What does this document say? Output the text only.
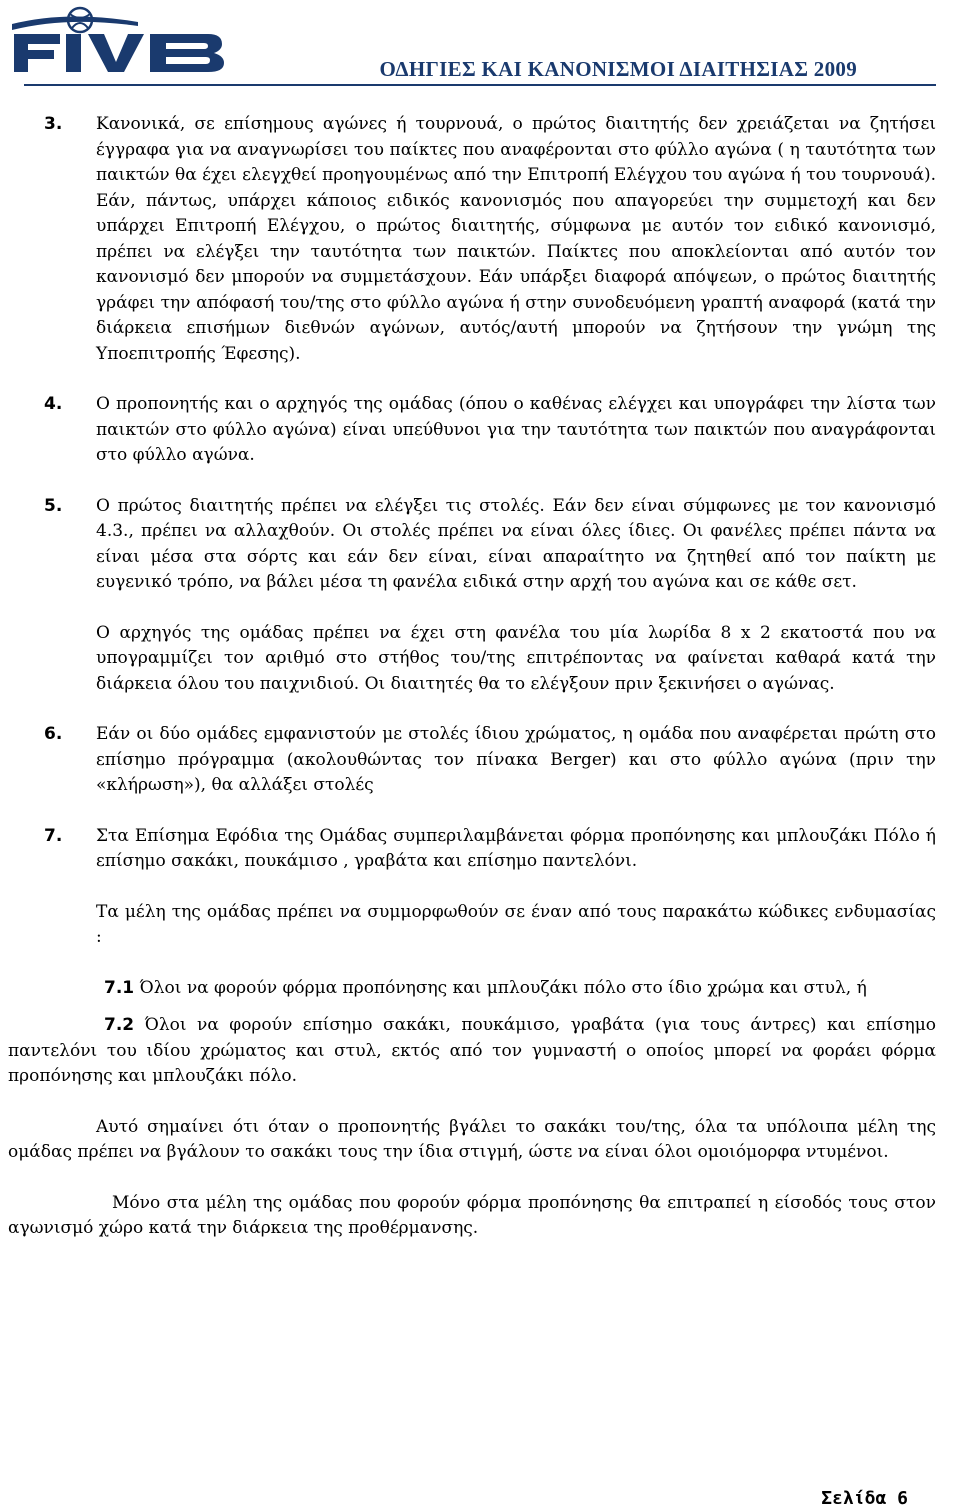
ΟΔΗΓΙΕΣ ΚΑΙ ΚΑΝΟΝΙΣΜΟΙ ΔΙΑΙΤΗΣΙΑΣ 2009

3. Κανονικά, σε επίσημους αγώνες ή τουρνουά, ο πρώτος διαιτητής δεν χρειάζεται να ζητήσει έγγραφα για να αναγνωρίσει του παίκτες που αναφέρονται στο φύλλο αγώνα ( η ταυτότητα των παικτών θα έχει ελεγχθεί προηγουμένως από την Επιτροπή Ελέγχου του αγώνα ή του τουρνουά). Εάν, πάντως, υπάρχει κάποιος ειδικός κανονισμός που απαγορεύει την συμμετοχή και δεν υπάρχει Επιτροπή Ελέγχου, ο πρώτος διαιτητής, σύμφωνα με αυτόν τον ειδικό κανονισμό, πρέπει να ελέγξει την ταυτότητα των παικτών. Παίκτες που αποκλείονται από αυτόν τον κανονισμό δεν μπορούν να συμμετάσχουν. Εάν υπάρξει διαφορά απόψεων, ο πρώτος διαιτητής γράφει την απόφασή του/της στο φύλλο αγώνα ή στην συνοδευόμενη γραπτή αναφορά (κατά την διάρκεια επισήμων διεθνών αγώνων, αυτός/αυτή μπορούν να ζητήσουν την γνώμη της Υποεπιτροπής Έφεσης).

4. Ο προπονητής και ο αρχηγός της ομάδας (όπου ο καθένας ελέγχει και υπογράφει την λίστα των παικτών στο φύλλο αγώνα) είναι υπεύθυνοι για την ταυτότητα των παικτών που αναγράφονται στο φύλλο αγώνα.

5. Ο πρώτος διαιτητής πρέπει να ελέγξει τις στολές. Εάν δεν είναι σύμφωνες με τον κανονισμό 4.3., πρέπει να αλλαχθούν. Οι στολές πρέπει να είναι όλες ίδιες. Οι φανέλες πρέπει πάντα να είναι μέσα στα σόρτς και εάν δεν είναι, είναι απαραίτητο να ζητηθεί από τον παίκτη με ευγενικό τρόπο, να βάλει μέσα τη φανέλα ειδικά στην αρχή του αγώνα και σε κάθε σετ.

Ο αρχηγός της ομάδας πρέπει να έχει στη φανέλα του μία λωρίδα 8 x 2 εκατοστά που να υπογραμμίζει τον αριθμό στο στήθος του/της επιτρέποντας να φαίνεται καθαρά κατά την διάρκεια όλου του παιχνιδιού. Οι διαιτητές θα το ελέγξουν πριν ξεκινήσει ο αγώνας.

6. Εάν οι δύο ομάδες εμφανιστούν με στολές ίδιου χρώματος, η ομάδα που αναφέρεται πρώτη στο επίσημο πρόγραμμα (ακολουθώντας τον πίνακα Berger) και στο φύλλο αγώνα (πριν την «κλήρωση»), θα αλλάξει στολές

7. Στα Επίσημα Εφόδια της Ομάδας συμπεριλαμβάνεται φόρμα προπόνησης και μπλουζάκι Πόλο ή επίσημο σακάκι, πουκάμισο , γραβάτα και επίσημο παντελόνι.

Τα μέλη της ομάδας πρέπει να συμμορφωθούν σε έναν από τους παρακάτω κώδικες ενδυμασίας :

7.1 Όλοι να φορούν φόρμα προπόνησης και μπλουζάκι πόλο στο ίδιο χρώμα και στυλ, ή

7.2 Όλοι να φορούν επίσημο σακάκι, πουκάμισο, γραβάτα (για τους άντρες) και επίσημο παντελόνι του ιδίου χρώματος και στυλ, εκτός από τον γυμναστή ο οποίος μπορεί να φοράει φόρμα προπόνησης και μπλουζάκι πόλο.

Αυτό σημαίνει ότι όταν ο προπονητής βγάλει το σακάκι του/της, όλα τα υπόλοιπα μέλη της ομάδας πρέπει να βγάλουν το σακάκι τους την ίδια στιγμή, ώστε να είναι όλοι ομοιόμορφα ντυμένοι.

Μόνο στα μέλη της ομάδας που φορούν φόρμα προπόνησης θα επιτραπεί η είσοδός τους στον αγωνισμό χώρο κατά την διάρκεια της προθέρμανσης.

Σελίδα 6
